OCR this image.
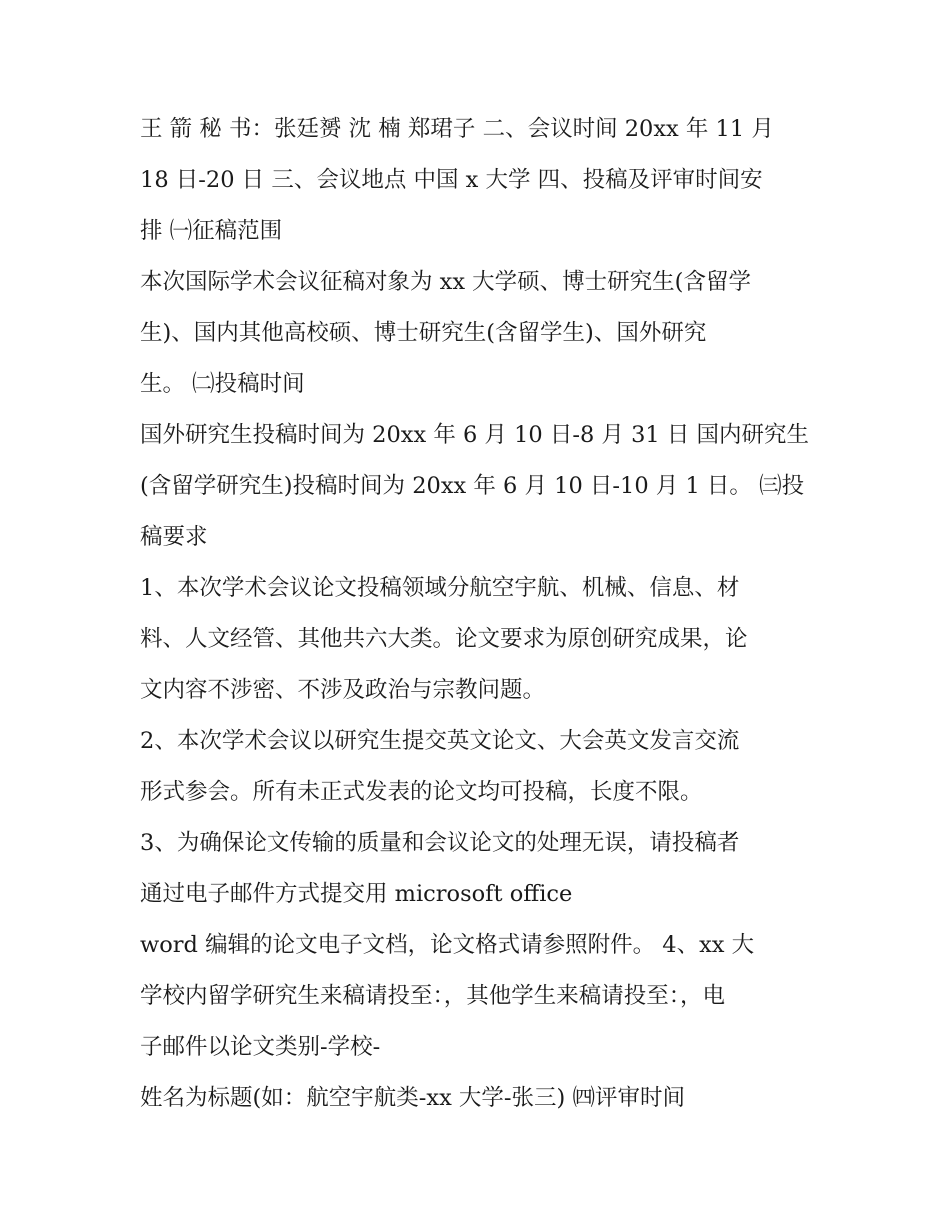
王 箭 秘 书：张廷赟 沈 楠 郑珺子 二、会议时间 20xx 年 11 月
18 日-20 日 三、会议地点 中国 x 大学 四、投稿及评审时间安
排 ㈠征稿范围
本次国际学术会议征稿对象为 xx 大学硕、博士研究生(含留学
生)、国内其他高校硕、博士研究生(含留学生)、国外研究
生。 ㈡投稿时间
国外研究生投稿时间为 20xx 年 6 月 10 日-8 月 31 日 国内研究生
(含留学研究生)投稿时间为 20xx 年 6 月 10 日-10 月 1 日。 ㈢投
稿要求
1、本次学术会议论文投稿领域分航空宇航、机械、信息、材
料、人文经管、其他共六大类。论文要求为原创研究成果，论
文内容不涉密、不涉及政治与宗教问题。
2、本次学术会议以研究生提交英文论文、大会英文发言交流
形式参会。所有未正式发表的论文均可投稿，长度不限。
3、为确保论文传输的质量和会议论文的处理无误，请投稿者
通过电子邮件方式提交用 microsoft office
word 编辑的论文电子文档，论文格式请参照附件。 4、xx 大
学校内留学研究生来稿请投至：，其他学生来稿请投至：，电
子邮件以论文类别-学校-
姓名为标题(如：航空宇航类-xx 大学-张三) ㈣评审时间
